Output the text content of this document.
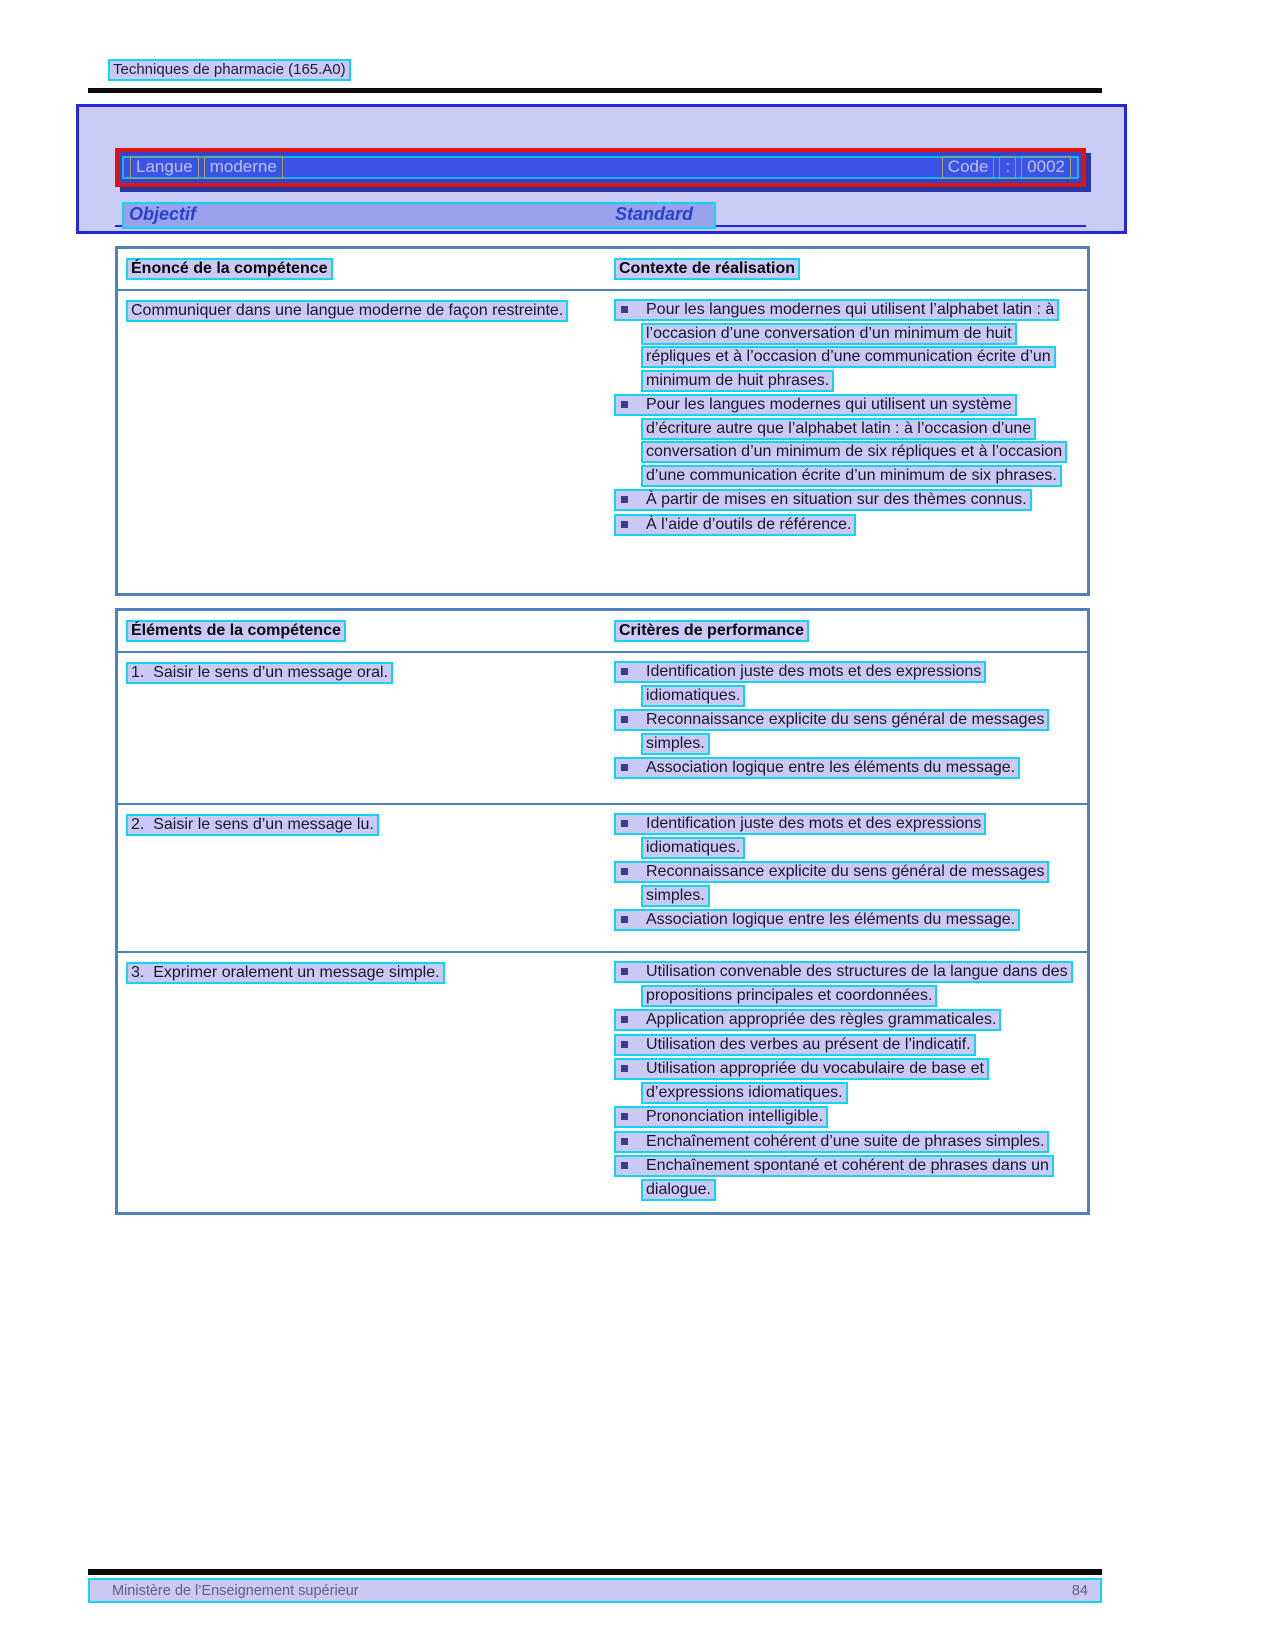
Techniques de pharmacie (165.A0)
Langue	moderne	Code	:	0002
Objectif	Standard
Énoncé de la compétence	Contexte de réalisation
Communiquer dans une langue moderne de façon restreinte.	Pour les langues modernes qui utilisent l’alphabet latin : à l’occasion d’une conversation d’un minimum de huit répliques et à l’occasion d’une communication écrite d’un minimum de huit phrases.
Pour les langues modernes qui utilisent un système d’écriture autre que l’alphabet latin : à l’occasion d’une conversation d’un minimum de six répliques et à l’occasion d’une communication écrite d’un minimum de six phrases.
À partir de mises en situation sur des thèmes connus.
À l’aide d’outils de référence.
Éléments de la compétence	Critères de performance
1.  Saisir le sens d’un message oral.	Identification juste des mots et des expressions idiomatiques.
Reconnaissance explicite du sens général de messages simples.
Association logique entre les éléments du message.
2.  Saisir le sens d’un message lu.	Identification juste des mots et des expressions idiomatiques.
Reconnaissance explicite du sens général de messages simples.
Association logique entre les éléments du message.
3.  Exprimer oralement un message simple.	Utilisation convenable des structures de la langue dans des propositions principales et coordonnées.
Application appropriée des règles grammaticales.
Utilisation des verbes au présent de l’indicatif.
Utilisation appropriée du vocabulaire de base et d’expressions idiomatiques.
Prononciation intelligible.
Enchaînement cohérent d’une suite de phrases simples.
Enchaînement spontané et cohérent de phrases dans un dialogue.
Ministère de l’Enseignement supérieur	84
